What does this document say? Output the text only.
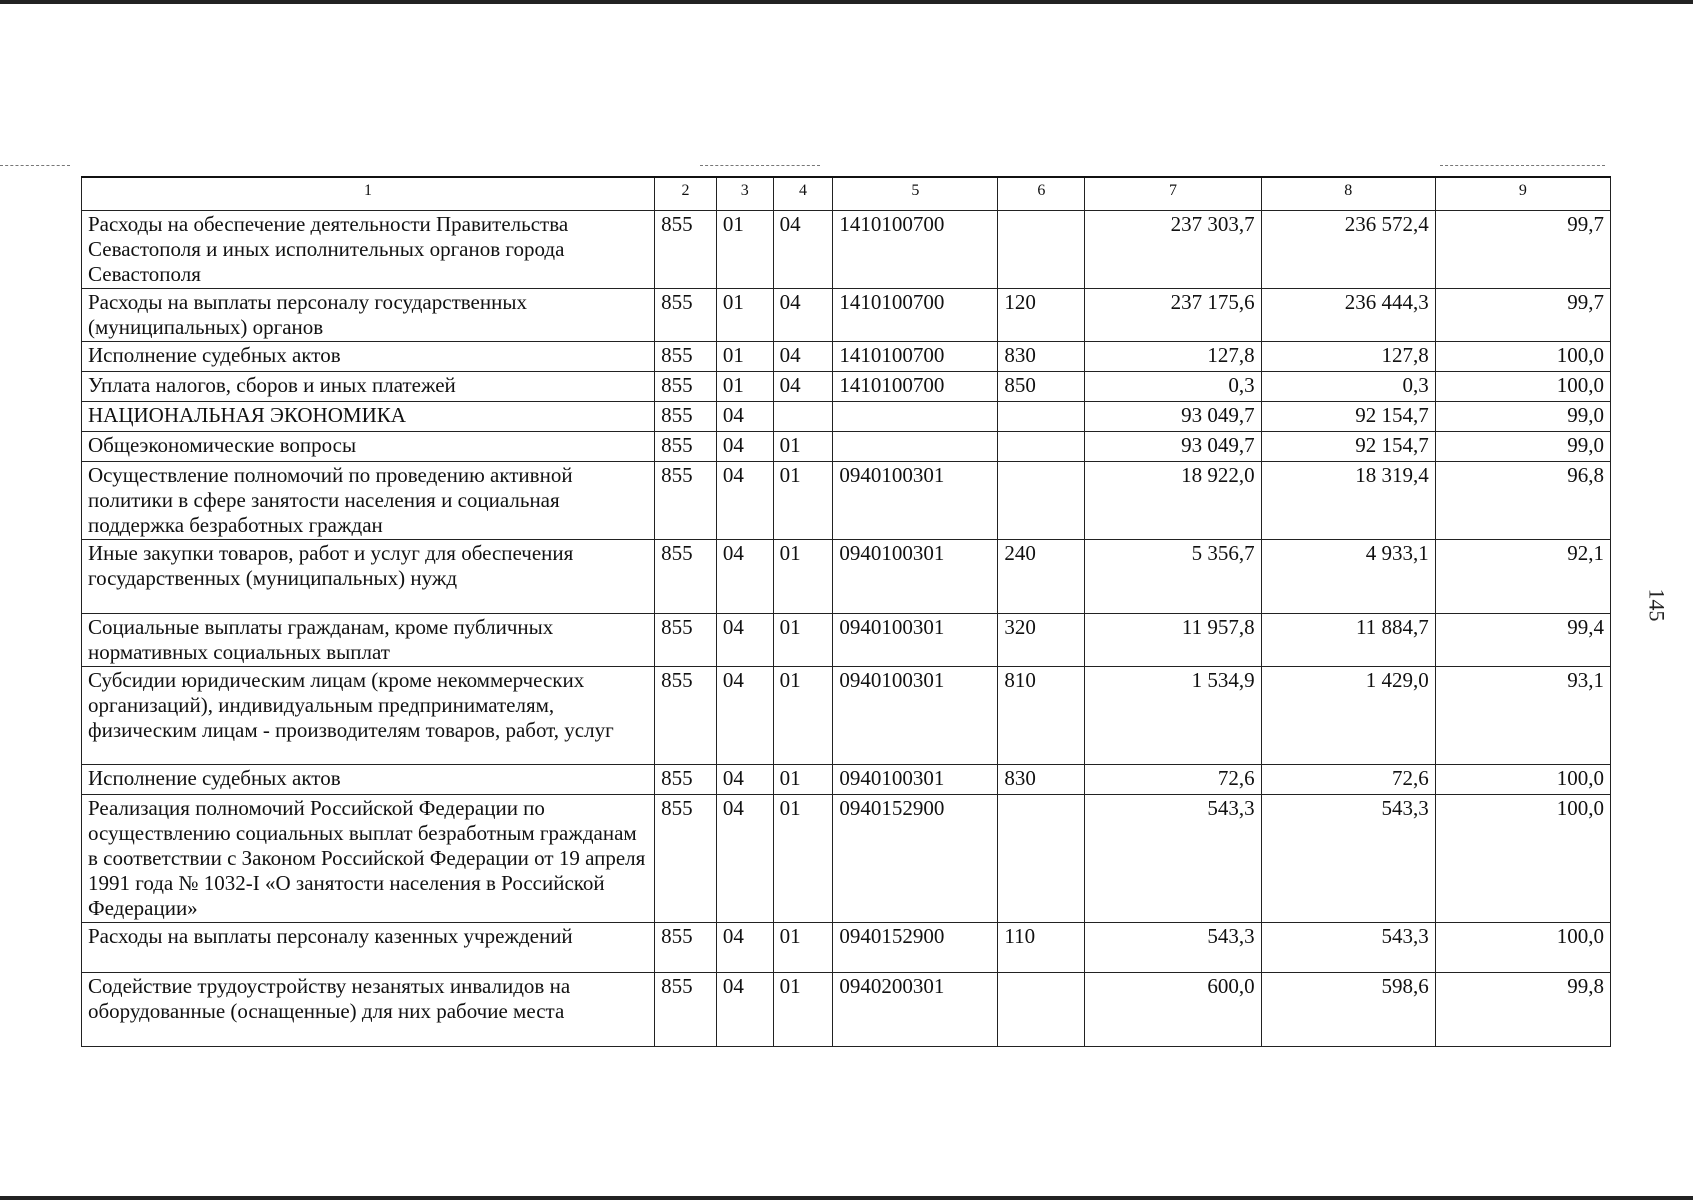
145
1	2	3	4	5	6	7	8	9
Расходы на обеспечение деятельности Правительства Севастополя и иных исполнительных органов города Севастополя	855	01	04	1410100700		237 303,7	236 572,4	99,7
Расходы на выплаты персоналу государственных (муниципальных) органов	855	01	04	1410100700	120	237 175,6	236 444,3	99,7
Исполнение судебных актов	855	01	04	1410100700	830	127,8	127,8	100,0
Уплата налогов, сборов и иных платежей	855	01	04	1410100700	850	0,3	0,3	100,0
НАЦИОНАЛЬНАЯ ЭКОНОМИКА	855	04				93 049,7	92 154,7	99,0
Общеэкономические вопросы	855	04	01			93 049,7	92 154,7	99,0
Осуществление полномочий по проведению активной политики в сфере занятости населения и социальная поддержка безработных граждан	855	04	01	0940100301		18 922,0	18 319,4	96,8
Иные закупки товаров, работ и услуг для обеспечения государственных (муниципальных) нужд	855	04	01	0940100301	240	5 356,7	4 933,1	92,1
Социальные выплаты гражданам, кроме публичных нормативных социальных выплат	855	04	01	0940100301	320	11 957,8	11 884,7	99,4
Субсидии юридическим лицам (кроме некоммерческих организаций), индивидуальным предпринимателям, физическим лицам - производителям товаров, работ, услуг	855	04	01	0940100301	810	1 534,9	1 429,0	93,1
Исполнение судебных актов	855	04	01	0940100301	830	72,6	72,6	100,0
Реализация полномочий Российской Федерации по осуществлению социальных выплат безработным гражданам в соответствии с Законом Российской Федерации от 19 апреля 1991 года № 1032-I «О занятости населения в Российской Федерации»	855	04	01	0940152900		543,3	543,3	100,0
Расходы на выплаты персоналу казенных учреждений	855	04	01	0940152900	110	543,3	543,3	100,0
Содействие трудоустройству незанятых инвалидов на оборудованные (оснащенные) для них рабочие места	855	04	01	0940200301		600,0	598,6	99,8
